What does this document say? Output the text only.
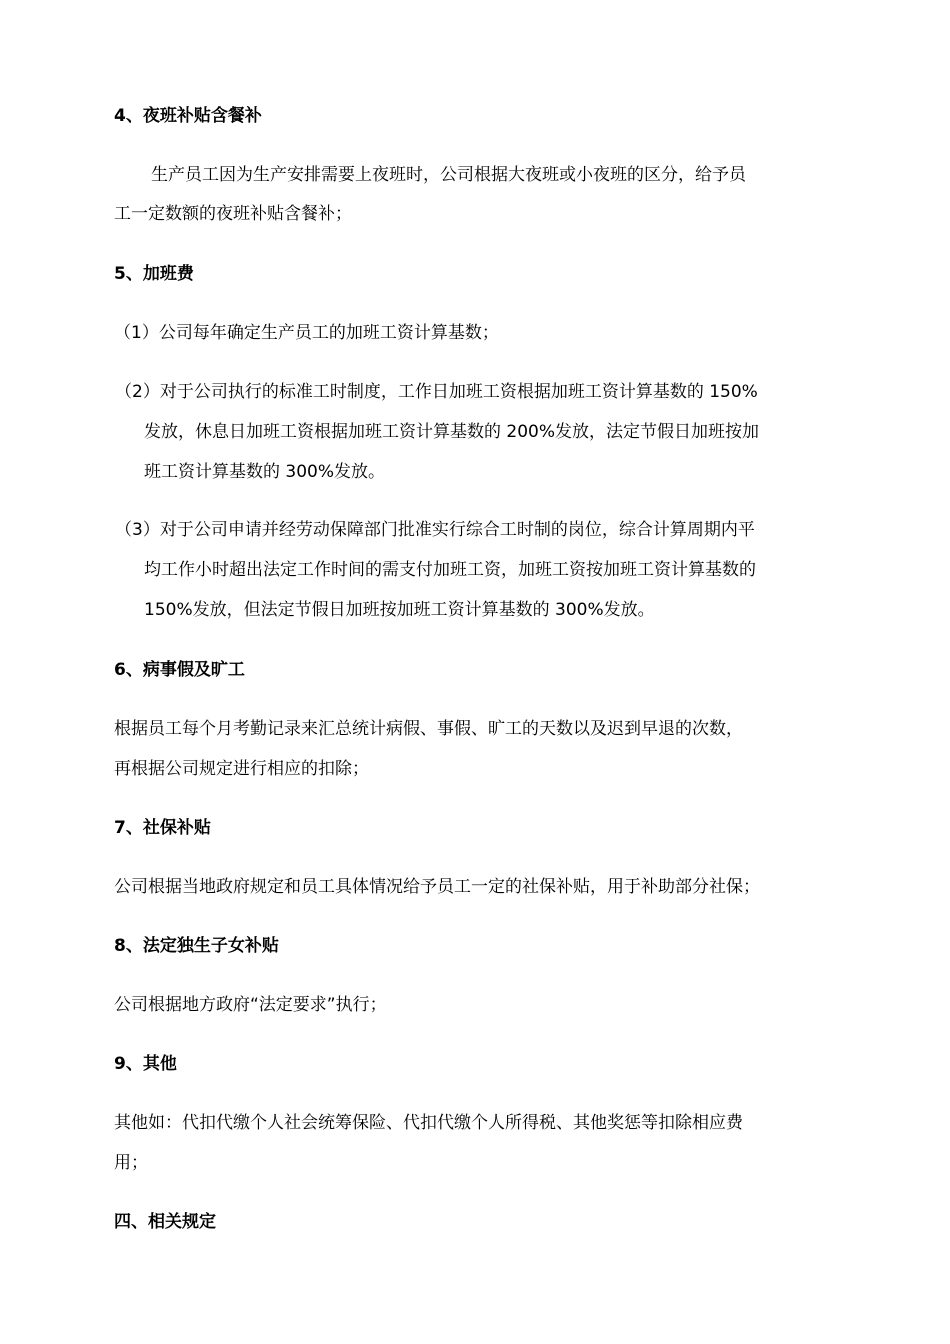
4、夜班补贴含餐补
生产员工因为生产安排需要上夜班时，公司根据大夜班或小夜班的区分，给予员
工一定数额的夜班补贴含餐补；
5、加班费
（1）公司每年确定生产员工的加班工资计算基数；
（2）对于公司执行的标准工时制度，工作日加班工资根据加班工资计算基数的 150%
发放，休息日加班工资根据加班工资计算基数的 200%发放，法定节假日加班按加
班工资计算基数的 300%发放。
（3）对于公司申请并经劳动保障部门批准实行综合工时制的岗位，综合计算周期内平
均工作小时超出法定工作时间的需支付加班工资，加班工资按加班工资计算基数的
150%发放，但法定节假日加班按加班工资计算基数的 300%发放。
6、病事假及旷工
根据员工每个月考勤记录来汇总统计病假、事假、旷工的天数以及迟到早退的次数，
再根据公司规定进行相应的扣除；
7、社保补贴
公司根据当地政府规定和员工具体情况给予员工一定的社保补贴，用于补助部分社保；
8、法定独生子女补贴
公司根据地方政府“法定要求”执行；
9、其他
其他如：代扣代缴个人社会统筹保险、代扣代缴个人所得税、其他奖惩等扣除相应费
用；
四、相关规定
